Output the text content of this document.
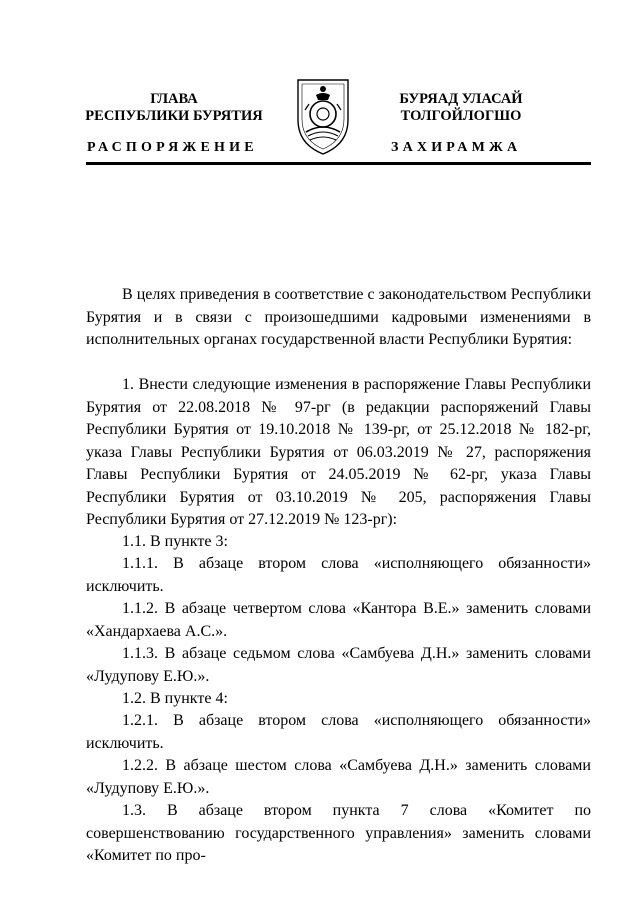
ГЛАВА
РЕСПУБЛИКИ БУРЯТИЯ
БУРЯАД УЛАСАЙ
ТОЛГОЙЛОГШО
РАСПОРЯЖЕНИЕ	ЗАХИРАМЖА
В целях приведения в соответствие с законодательством Республики Бурятия и в связи с произошедшими кадровыми изменениями в исполнительных органах государственной власти Республики Бурятия:
1. Внести следующие изменения в распоряжение Главы Республики Бурятия от 22.08.2018 № 97-рг (в редакции распоряжений Главы Республики Бурятия от 19.10.2018 № 139-рг, от 25.12.2018 № 182-рг, указа Главы Республики Бурятия от 06.03.2019 № 27, распоряжения Главы Республики Бурятия от 24.05.2019 № 62-рг, указа Главы Республики Бурятия от 03.10.2019 № 205, распоряжения Главы Республики Бурятия от 27.12.2019 № 123-рг):
1.1. В пункте 3:
1.1.1. В абзаце втором слова «исполняющего обязанности» исключить.
1.1.2. В абзаце четвертом слова «Кантора В.Е.» заменить словами «Хандархаева А.С.».
1.1.3. В абзаце седьмом слова «Самбуева Д.Н.» заменить словами «Лудупову Е.Ю.».
1.2. В пункте 4:
1.2.1. В абзаце втором слова «исполняющего обязанности» исключить.
1.2.2. В абзаце шестом слова «Самбуева Д.Н.» заменить словами «Лудупову Е.Ю.».
1.3. В абзаце втором пункта 7 слова «Комитет по совершенствованию государственного управления» заменить словами «Комитет по про-
